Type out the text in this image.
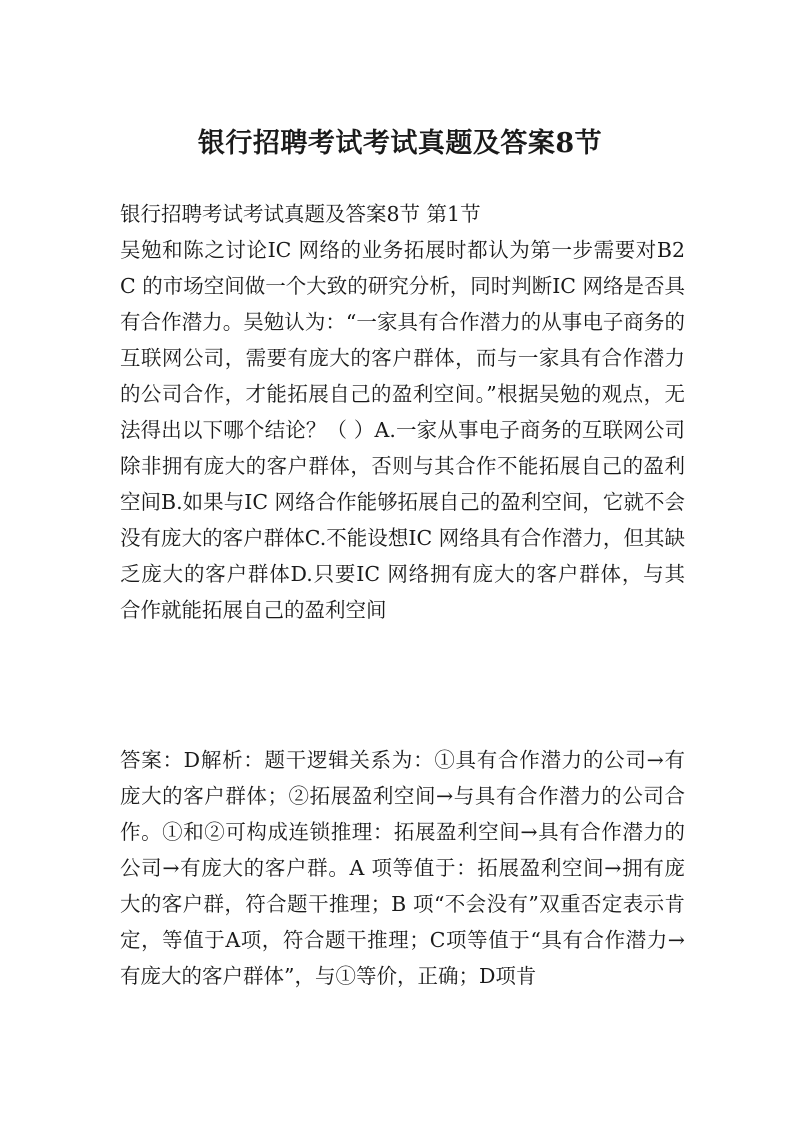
银行招聘考试考试真题及答案8节

银行招聘考试考试真题及答案8节 第1节

吴勉和陈之讨论IC 网络的业务拓展时都认为第一步需要对B2C 的市场空间做一个大致的研究分析，同时判断IC 网络是否具有合作潜力。吴勉认为：“一家具有合作潜力的从事电子商务的互联网公司，需要有庞大的客户群体，而与一家具有合作潜力的公司合作，才能拓展自己的盈利空间。”根据吴勉的观点，无法得出以下哪个结论？（ ）A.一家从事电子商务的互联网公司除非拥有庞大的客户群体，否则与其合作不能拓展自己的盈利空间B.如果与IC 网络合作能够拓展自己的盈利空间，它就不会没有庞大的客户群体C.不能设想IC 网络具有合作潜力，但其缺乏庞大的客户群体D.只要IC 网络拥有庞大的客户群体，与其合作就能拓展自己的盈利空间

答案：D解析：题干逻辑关系为：①具有合作潜力的公司→有庞大的客户群体；②拓展盈利空间→与具有合作潜力的公司合作。①和②可构成连锁推理：拓展盈利空间→具有合作潜力的公司→有庞大的客户群。A 项等值于：拓展盈利空间→拥有庞大的客户群，符合题干推理；B 项“不会没有”双重否定表示肯定，等值于A项，符合题干推理；C项等值于“具有合作潜力→有庞大的客户群体”，与①等价，正确；D项肯
